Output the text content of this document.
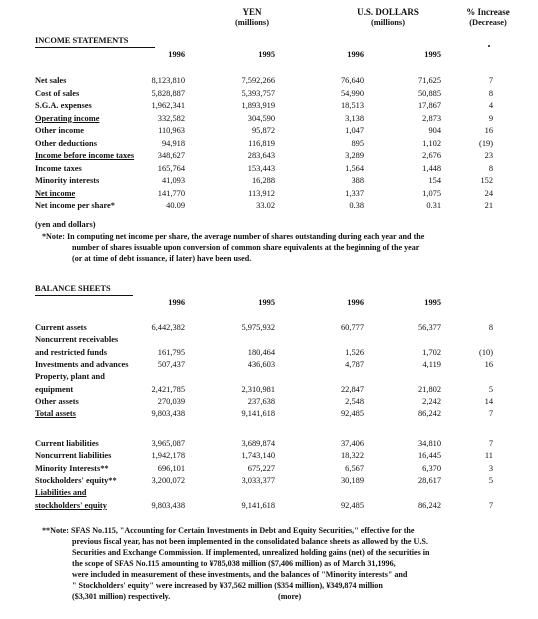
YEN
(millions)
U.S. DOLLARS
(millions)
% Increase
(Decrease)
INCOME STATEMENTS
1996	1995	1996	1995
Net sales	8,123,810	7,592,266	76,640	71,625	7
Cost of sales	5,828,887	5,393,757	54,990	50,885	8
S.G.A. expenses	1,962,341	1,893,919	18,513	17,867	4
Operating income	332,582	304,590	3,138	2,873	9
Other income	110,963	95,872	1,047	904	16
Other deductions	94,918	116,819	895	1,102	(19)
Income before income taxes	348,627	283,643	3,289	2,676	23
Income taxes	165,764	153,443	1,564	1,448	8
Minority interests	41,093	16,288	388	154	152
Net income	141,770	113,912	1,337	1,075	24
Net income per share*	40.09	33.02	0.38	0.31	21
(yen and dollars)
*Note: In computing net income per share, the average number of shares outstanding during each year and the
number of shares issuable upon conversion of common share equivalents at the beginning of the year
(or at time of debt issuance, if later) have been used.
BALANCE SHEETS
1996	1995	1996	1995
Current assets	6,442,382	5,975,932	60,777	56,377	8
Noncurrent receivables
and restricted funds	161,795	180,464	1,526	1,702	(10)
Investments and advances	507,437	436,603	4,787	4,119	16
Property, plant and
equipment	2,421,785	2,310,981	22,847	21,802	5
Other assets	270,039	237,638	2,548	2,242	14
Total assets	9,803,438	9,141,618	92,485	86,242	7
Current liabilities	3,965,087	3,689,874	37,406	34,810	7
Noncurrent liabilities	1,942,178	1,743,140	18,322	16,445	11
Minority Interests**	696,101	675,227	6,567	6,370	3
Stockholders' equity**	3,200,072	3,033,377	30,189	28,617	5
Liabilities and
stockholders' equity	9,803,438	9,141,618	92,485	86,242	7
**Note: SFAS No.115, "Accounting for Certain Investments in Debt and Equity Securities," effective for the
previous fiscal year, has not been implemented in the consolidated balance sheets as allowed by the U.S.
Securities and Exchange Commission. If implemented, unrealized holding gains (net) of the securities in
the scope of SFAS No.115 amounting to ¥785,038 million ($7,406 million) as of March 31,1996,
were included in measurement of these investments, and the balances of "Minority interests" and
" Stockholders' equity" were increased by ¥37,562 million ($354 million), ¥349,874 million
($3,301 million) respectively.	(more)
